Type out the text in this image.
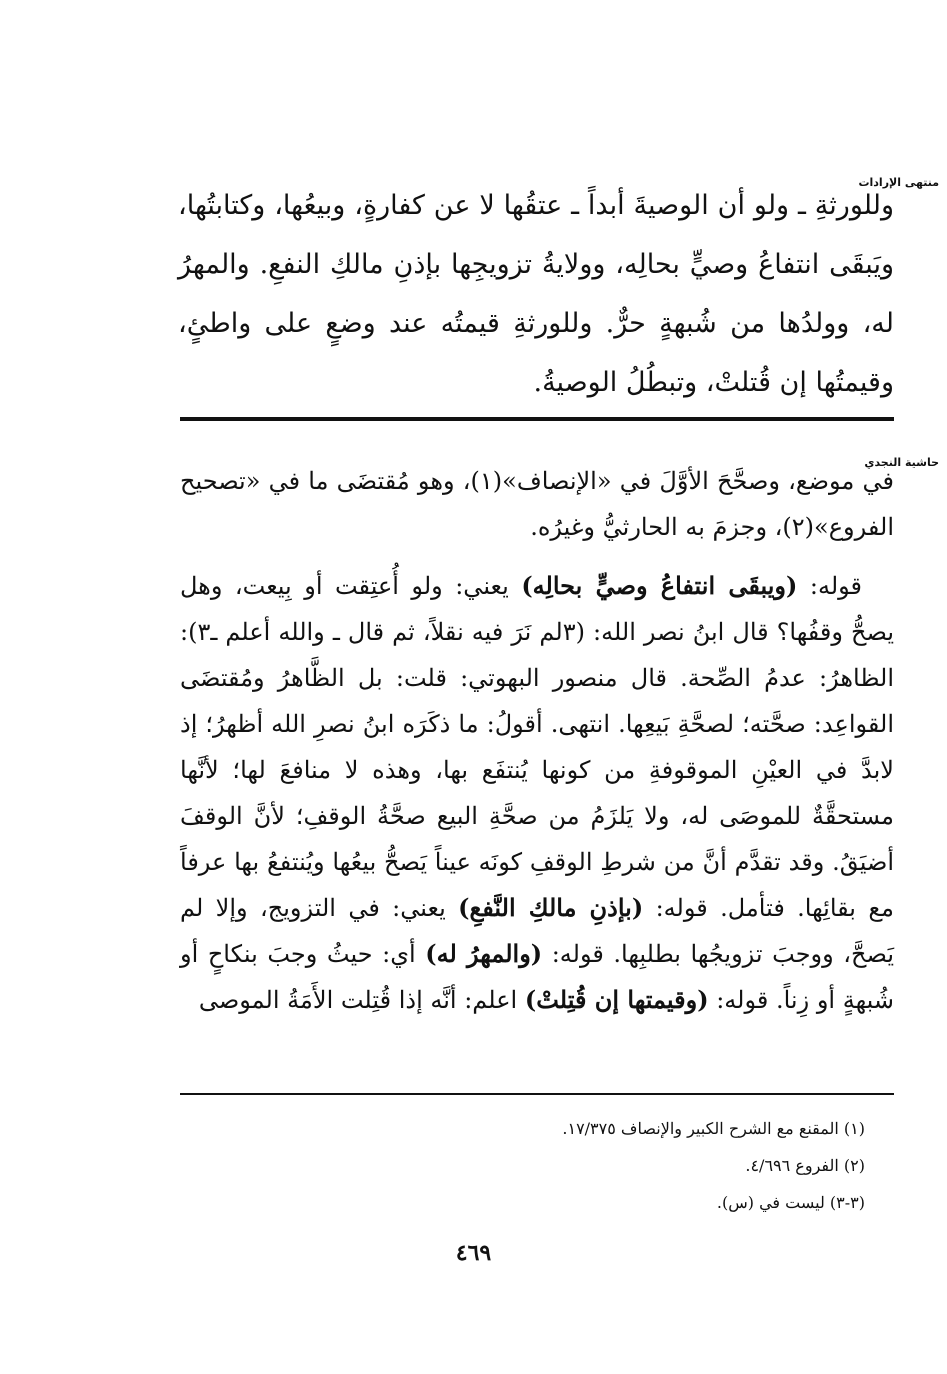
منتهى الإرادات

وللورثةِ ـ ولو أن الوصيةَ أبداً ـ عتقُها لا عن كفارةٍ، وبيعُها، وكتابتُها، ويَبقَى انتفاعُ وصيٍّ بحالِه، وولايةُ تزويجِها بإذنِ مالكِ النفعِ. والمهرُ له، وولدُها من شُبهةٍ حرٌّ. وللورثةِ قيمتُه عند وضعٍ على واطئٍ، وقيمتُها إن قُتلتْ، وتبطُلُ الوصيةُ.

حاشية النجدي

في موضع، وصحَّحَ الأوَّلَ في «الإنصاف»(١)، وهو مُقتضَى ما في «تصحيح الفروع»(٢)، وجزمَ به الحارثيُّ وغيرُه.

قوله: (ويبقَى انتفاعُ وصيٍّ بحالِه) يعني: ولو أُعتِقت أو بِيعت، وهل يصحُّ وقفُها؟ قال ابنُ نصر الله: (٣لم نَرَ فيه نقلاً، ثم قال ـ والله أعلم ـ٣): الظاهرُ: عدمُ الصِّحة. قال منصور البهوتي: قلت: بل الظَّاهرُ ومُقتضَى القواعِد: صحَّته؛ لصحَّةِ بَيعِها. انتهى. أقولُ: ما ذكَرَه ابنُ نصرِ الله أظهرُ؛ إذ لابدَّ في العيْنِ الموقوفةِ من كونها يُنتفَع بها، وهذه لا منافعَ لها؛ لأنَّها مستحقَّةٌ للموصَى له، ولا يَلزَمُ من صحَّةِ البيع صحَّةُ الوقفِ؛ لأنَّ الوقفَ أضيَقُ. وقد تقدَّم أنَّ من شرطِ الوقفِ كونَه عيناً يَصحُّ بيعُها ويُنتفعُ بها عرفاً مع بقائِها. فتأمل. قوله: (بإذنِ مالكِ النَّفعِ) يعني: في التزويج، وإلا لم يَصحَّ، ووجبَ تزويجُها بطلبِها. قوله: (والمهرُ له) أي: حيثُ وجبَ بنكاحٍ أو شُبهةٍ أو زِناً. قوله: (وقيمتها إن قُتِلتْ) اعلم: أنَّه إذا قُتِلت الأَمَةُ الموصى

(١) المقنع مع الشرح الكبير والإنصاف ١٧/٣٧٥.
(٢) الفروع ٤/٦٩٦.
(٣-٣) ليست في (س).
٤٦٩
